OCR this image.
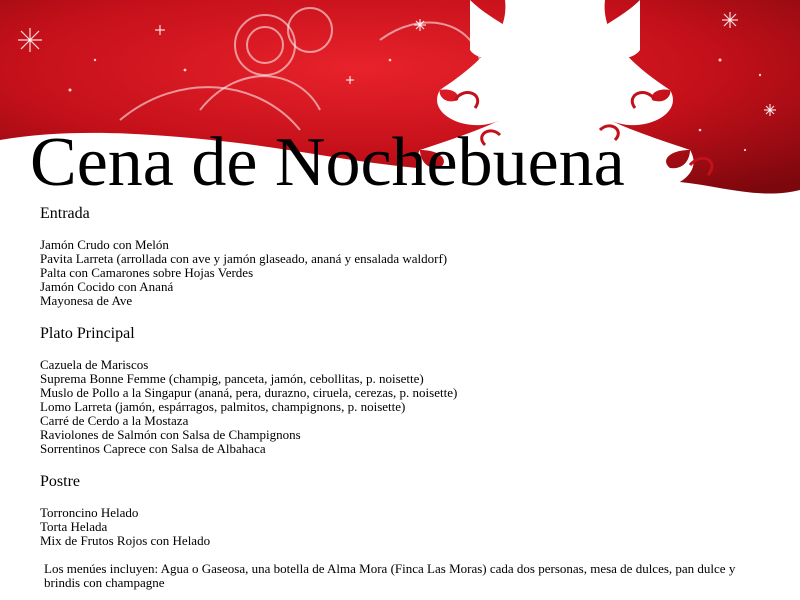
Cena de Nochebuena
Entrada
Jamón Crudo con Melón
Pavita Larreta (arrollada con ave y jamón glaseado, ananá y ensalada waldorf)
Palta con Camarones sobre Hojas Verdes
Jamón Cocido con Ananá
Mayonesa de Ave
Plato Principal
Cazuela de Mariscos
Suprema Bonne Femme (champig, panceta, jamón, cebollitas, p. noisette)
Muslo de Pollo a la Singapur (ananá, pera, durazno, ciruela, cerezas, p. noisette)
Lomo Larreta (jamón, espárragos, palmitos, champignons, p. noisette)
Carré de Cerdo a la Mostaza
Raviolones de Salmón con Salsa de Champignons
Sorrentinos Caprece con Salsa de Albahaca
Postre
Torroncino Helado
Torta Helada
Mix de Frutos Rojos con Helado

Los menúes incluyen: Agua o Gaseosa, una botella de Alma Mora (Finca Las Moras) cada dos personas, mesa de dulces, pan dulce y brindis con champagne
